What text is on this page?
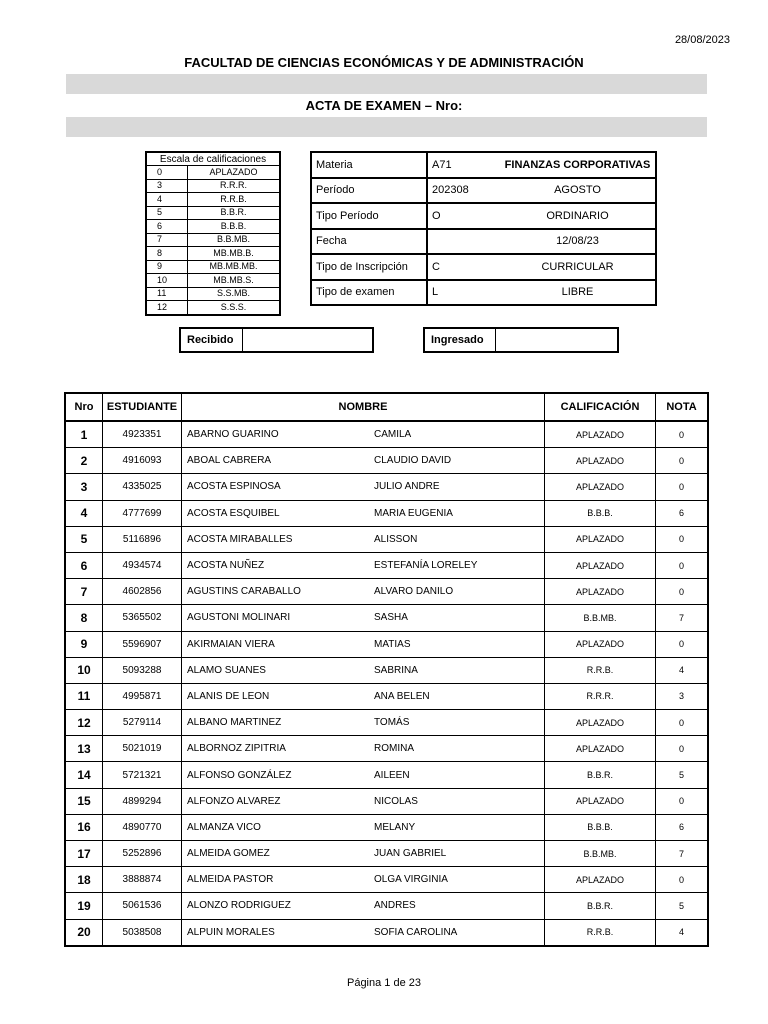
28/08/2023
FACULTAD DE CIENCIAS ECONÓMICAS Y DE ADMINISTRACIÓN
ACTA DE EXAMEN – Nro:
Escala de calificaciones	
0	APLAZADO
3	R.R.R.
4	R.R.B.
5	B.B.R.
6	B.B.B.
7	B.B.MB.
8	MB.MB.B.
9	MB.MB.MB.
10	MB.MB.S.
11	S.S.MB.
12	S.S.S.
Materia	A71	FINANZAS CORPORATIVAS
Período	202308	AGOSTO
Tipo Período	O	ORDINARIO
Fecha		12/08/23
Tipo de Inscripción	C	CURRICULAR
Tipo de examen	L	LIBRE
Recibido	Ingresado
Nro	ESTUDIANTE	NOMBRE	CALIFICACIÓN	NOTA
1	4923351	ABARNO GUARINO CAMILA	APLAZADO	0
2	4916093	ABOAL CABRERA CLAUDIO DAVID	APLAZADO	0
3	4335025	ACOSTA ESPINOSA JULIO ANDRE	APLAZADO	0
4	4777699	ACOSTA ESQUIBEL MARIA EUGENIA	B.B.B.	6
5	5116896	ACOSTA MIRABALLES ALISSON	APLAZADO	0
6	4934574	ACOSTA NUÑEZ ESTEFANÍA LORELEY	APLAZADO	0
7	4602856	AGUSTINS CARABALLO ALVARO DANILO	APLAZADO	0
8	5365502	AGUSTONI MOLINARI SASHA	B.B.MB.	7
9	5596907	AKIRMAIAN VIERA MATIAS	APLAZADO	0
10	5093288	ALAMO SUANES SABRINA	R.R.B.	4
11	4995871	ALANIS DE LEON ANA BELEN	R.R.R.	3
12	5279114	ALBANO MARTINEZ TOMÁS	APLAZADO	0
13	5021019	ALBORNOZ ZIPITRIA ROMINA	APLAZADO	0
14	5721321	ALFONSO GONZÁLEZ AILEEN	B.B.R.	5
15	4899294	ALFONZO ALVAREZ NICOLAS	APLAZADO	0
16	4890770	ALMANZA VICO MELANY	B.B.B.	6
17	5252896	ALMEIDA GOMEZ JUAN GABRIEL	B.B.MB.	7
18	3888874	ALMEIDA PASTOR OLGA VIRGINIA	APLAZADO	0
19	5061536	ALONZO RODRIGUEZ ANDRES	B.B.R.	5
20	5038508	ALPUIN MORALES SOFIA CAROLINA	R.R.B.	4
Página 1 de 23
